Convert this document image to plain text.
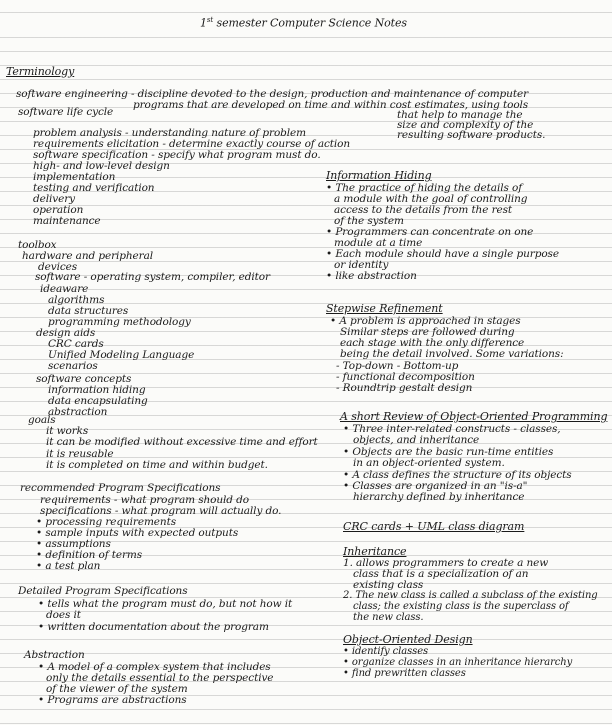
1st semester Computer Science Notes
Terminology
software engineering - discipline devoted to the design, production and maintenance of computer
programs that are developed on time and within cost estimates, using tools
that help to manage the
size and complexity of the
resulting software products.
software life cycle
problem analysis - understanding nature of problem
requirements elicitation - determine exactly course of action
software specification - specify what program must do.
high- and low-level design
implementation
testing and verification
delivery
operation
maintenance
toolbox
hardware and peripheral
devices
software - operating system, compiler, editor
ideaware
algorithms
data structures
programming methodology
design aids
CRC cards
Unified Modeling Language
scenarios
software concepts
information hiding
data encapsulating
abstraction
goals
it works
it can be modified without excessive time and effort
it is reusable
it is completed on time and within budget.
recommended Program Specifications
requirements - what program should do
specifications - what program will actually do.
• processing requirements
• sample inputs with expected outputs
• assumptions
• definition of terms
• a test plan
Detailed Program Specifications
• tells what the program must do, but not how it
does it
• written documentation about the program
Abstraction
• A model of a complex system that includes
only the details essential to the perspective
of the viewer of the system
• Programs are abstractions
Information Hiding
• The practice of hiding the details of
a module with the goal of controlling
access to the details from the rest
of the system
• Programmers can concentrate on one
module at a time
• Each module should have a single purpose
or identity
• like abstraction
Stepwise Refinement
• A problem is approached in stages
Similar steps are followed during
each stage with the only difference
being the detail involved. Some variations:
- Top-down - Bottom-up
- functional decomposition
- Roundtrip gestalt design
A short Review of Object-Oriented Programming
• Three inter-related constructs - classes,
objects, and inheritance
• Objects are the basic run-time entities
in an object-oriented system.
• A class defines the structure of its objects
• Classes are organized in an "is-a"
hierarchy defined by inheritance
CRC cards + UML class diagram
Inheritance
1. allows programmers to create a new
class that is a specialization of an
existing class
2. The new class is called a subclass of the existing
class; the existing class is the superclass of
the new class.
Object-Oriented Design
• identify classes
• organize classes in an inheritance hierarchy
• find prewritten classes
